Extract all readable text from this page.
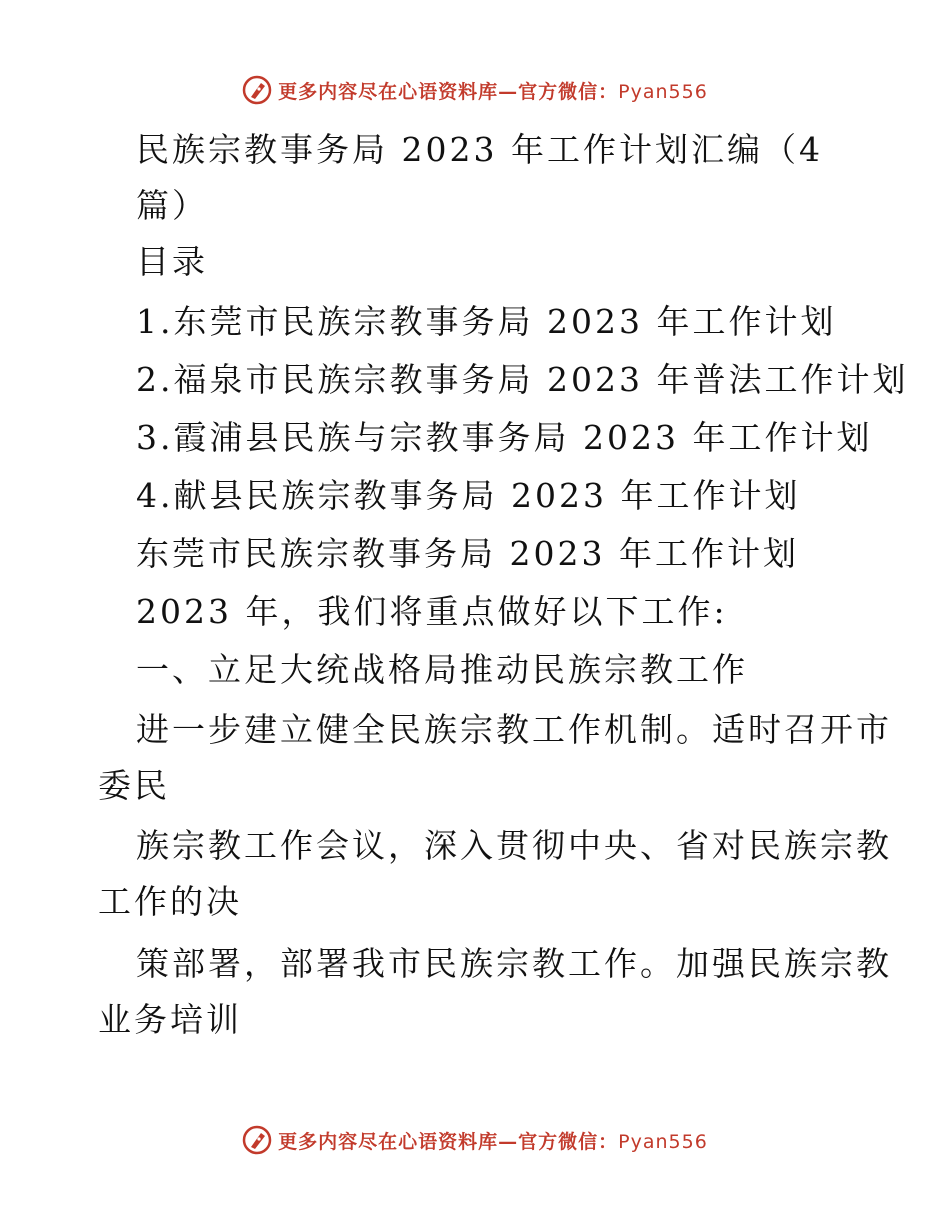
更多内容尽在心语资料库—官方微信：Pyan556
民族宗教事务局 2023 年工作计划汇编（4
篇）
目录
1.东莞市民族宗教事务局 2023 年工作计划
2.福泉市民族宗教事务局 2023 年普法工作计划
3.霞浦县民族与宗教事务局 2023 年工作计划
4.献县民族宗教事务局 2023 年工作计划
东莞市民族宗教事务局 2023 年工作计划
2023 年，我们将重点做好以下工作:
一、立足大统战格局推动民族宗教工作
进一步建立健全民族宗教工作机制。适时召开市
委民
族宗教工作会议，深入贯彻中央、省对民族宗教
工作的决
策部署，部署我市民族宗教工作。加强民族宗教
业务培训
更多内容尽在心语资料库—官方微信：Pyan556
